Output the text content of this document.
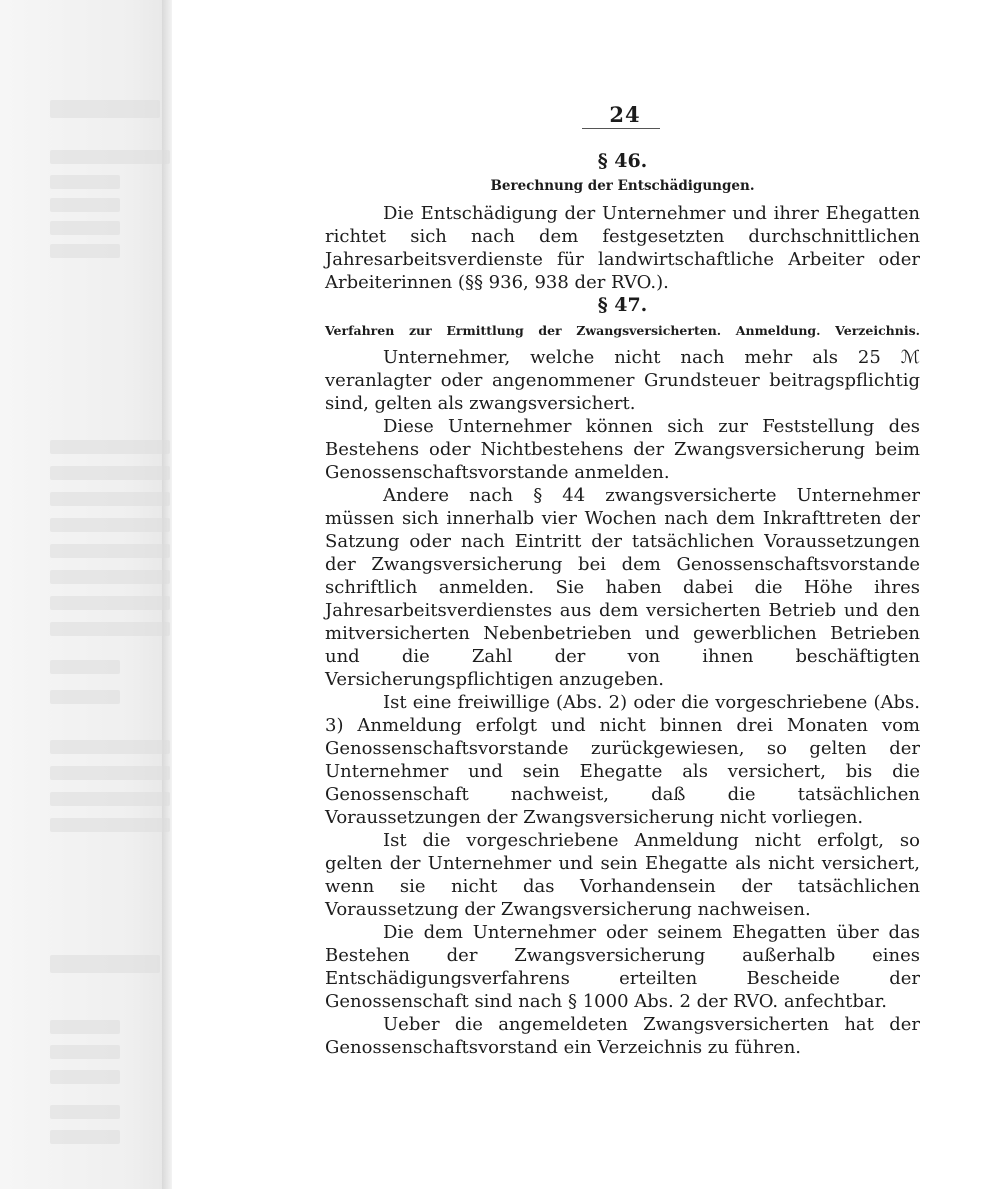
24
§ 46.
Berechnung der Entschädigungen.

Die Entschädigung der Unternehmer und ihrer Ehegatten richtet sich nach dem festgesetzten durchschnittlichen Jahresarbeitsverdienste für landwirtschaftliche Arbeiter oder Arbeiterinnen (§§ 936, 938 der RVO.).

§ 47.
Verfahren zur Ermittlung der Zwangsversicherten. Anmeldung. Verzeichnis.

Unternehmer, welche nicht nach mehr als 25 ℳ veranlagter oder angenommener Grundsteuer beitragspflichtig sind, gelten als zwangsversichert.

Diese Unternehmer können sich zur Feststellung des Bestehens oder Nichtbestehens der Zwangsversicherung beim Genossenschaftsvorstande anmelden.

Andere nach § 44 zwangsversicherte Unternehmer müssen sich innerhalb vier Wochen nach dem Inkrafttreten der Satzung oder nach Eintritt der tatsächlichen Voraussetzungen der Zwangsversicherung bei dem Genossenschaftsvorstande schriftlich anmelden. Sie haben dabei die Höhe ihres Jahresarbeitsverdienstes aus dem versicherten Betrieb und den mitversicherten Nebenbetrieben und gewerblichen Betrieben und die Zahl der von ihnen beschäftigten Versicherungspflichtigen anzugeben.

Ist eine freiwillige (Abs. 2) oder die vorgeschriebene (Abs. 3) Anmeldung erfolgt und nicht binnen drei Monaten vom Genossenschaftsvorstande zurückgewiesen, so gelten der Unternehmer und sein Ehegatte als versichert, bis die Genossenschaft nachweist, daß die tatsächlichen Voraussetzungen der Zwangsversicherung nicht vorliegen.

Ist die vorgeschriebene Anmeldung nicht erfolgt, so gelten der Unternehmer und sein Ehegatte als nicht versichert, wenn sie nicht das Vorhandensein der tatsächlichen Voraussetzung der Zwangsversicherung nachweisen.

Die dem Unternehmer oder seinem Ehegatten über das Bestehen der Zwangsversicherung außerhalb eines Entschädigungsverfahrens erteilten Bescheide der Genossenschaft sind nach § 1000 Abs. 2 der RVO. anfechtbar.

Ueber die angemeldeten Zwangsversicherten hat der Genossenschaftsvorstand ein Verzeichnis zu führen.
